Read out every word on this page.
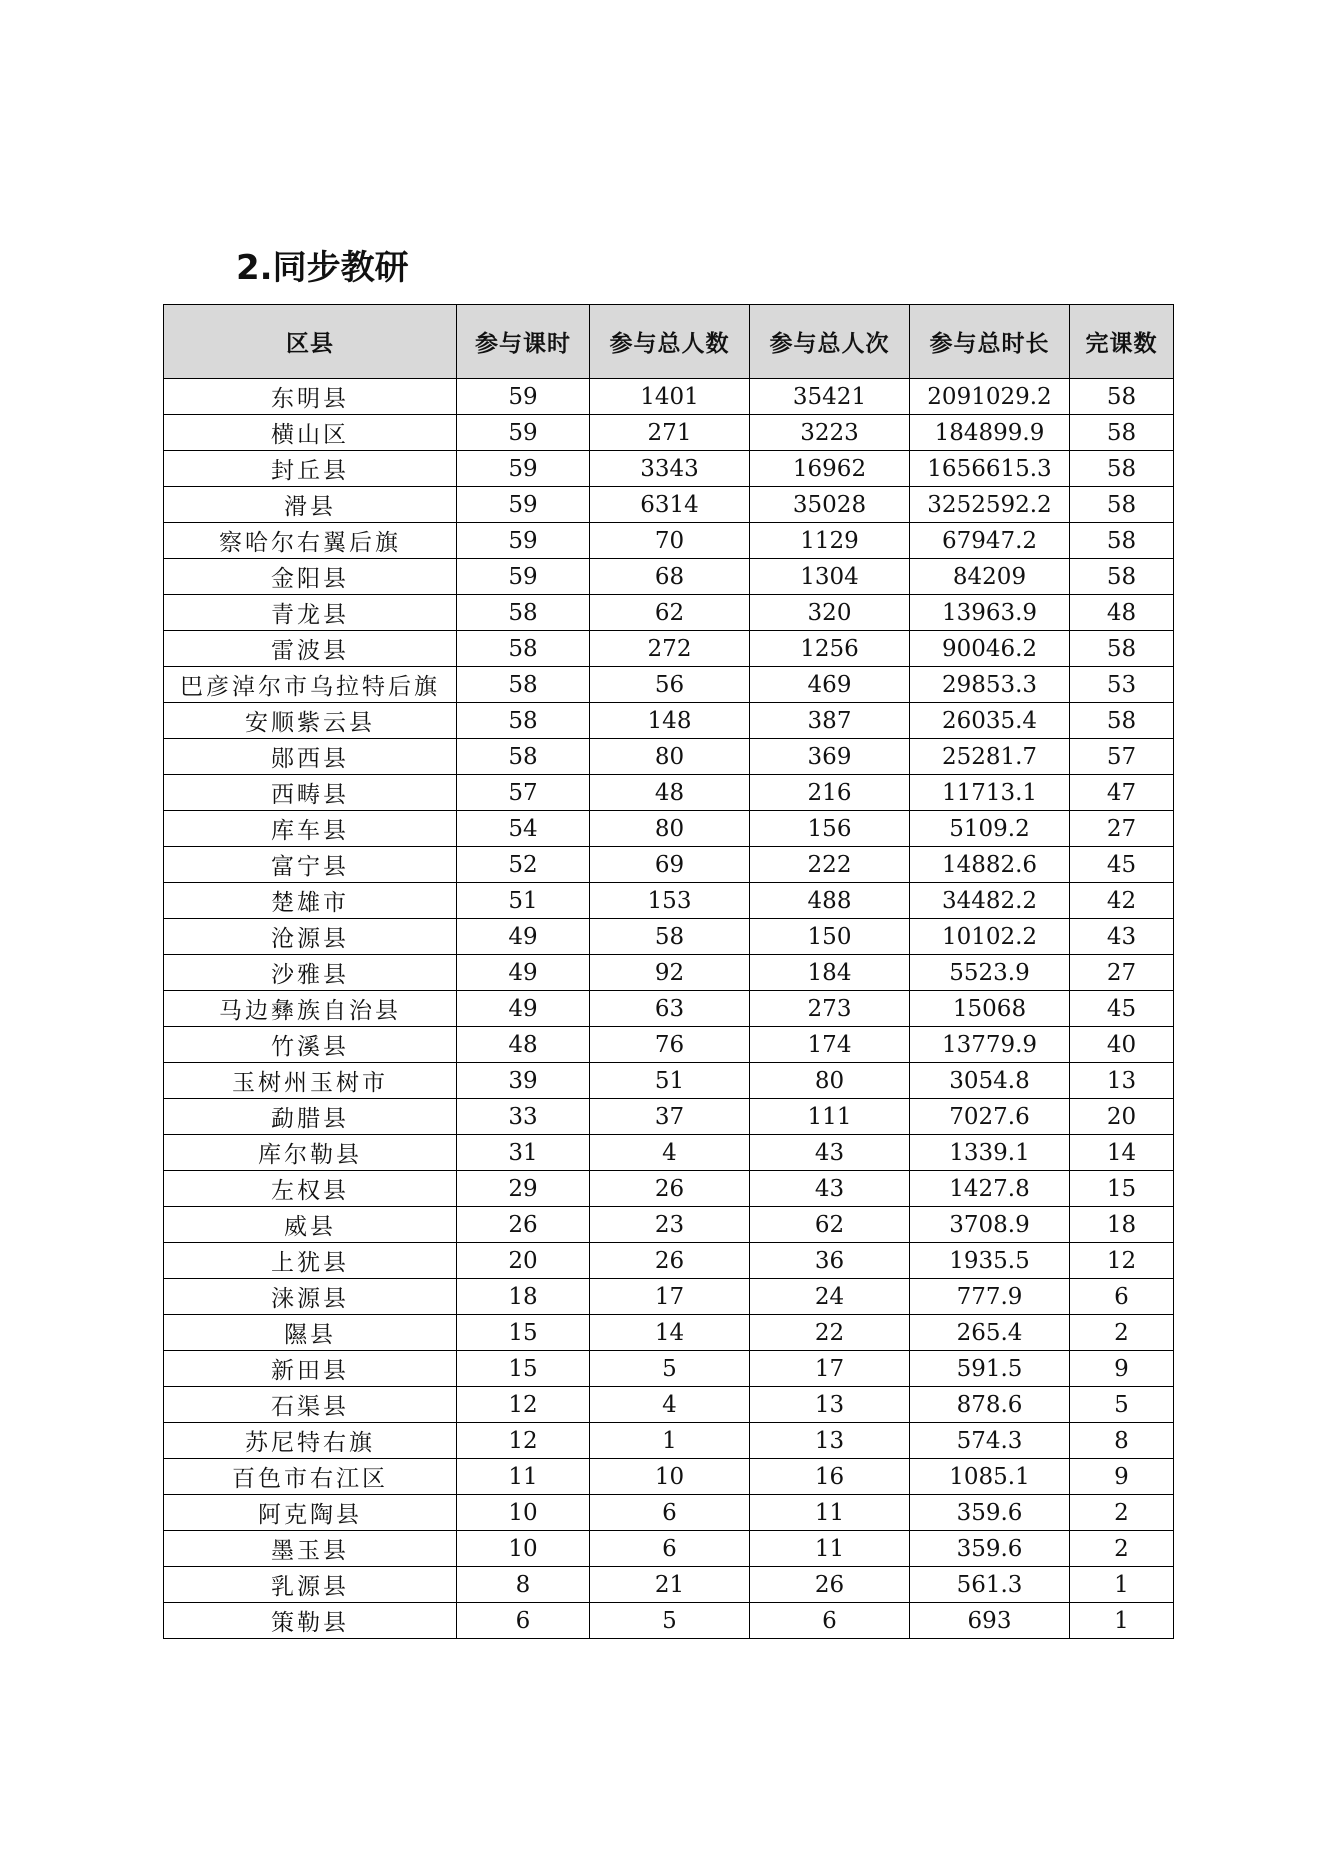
2.同步教研
区县	参与课时	参与总人数	参与总人次	参与总时长	完课数
东明县	59	1401	35421	2091029.2	58
横山区	59	271	3223	184899.9	58
封丘县	59	3343	16962	1656615.3	58
滑县	59	6314	35028	3252592.2	58
察哈尔右翼后旗	59	70	1129	67947.2	58
金阳县	59	68	1304	84209	58
青龙县	58	62	320	13963.9	48
雷波县	58	272	1256	90046.2	58
巴彦淖尔市乌拉特后旗	58	56	469	29853.3	53
安顺紫云县	58	148	387	26035.4	58
郧西县	58	80	369	25281.7	57
西畴县	57	48	216	11713.1	47
库车县	54	80	156	5109.2	27
富宁县	52	69	222	14882.6	45
楚雄市	51	153	488	34482.2	42
沧源县	49	58	150	10102.2	43
沙雅县	49	92	184	5523.9	27
马边彝族自治县	49	63	273	15068	45
竹溪县	48	76	174	13779.9	40
玉树州玉树市	39	51	80	3054.8	13
勐腊县	33	37	111	7027.6	20
库尔勒县	31	4	43	1339.1	14
左权县	29	26	43	1427.8	15
威县	26	23	62	3708.9	18
上犹县	20	26	36	1935.5	12
涞源县	18	17	24	777.9	6
隰县	15	14	22	265.4	2
新田县	15	5	17	591.5	9
石渠县	12	4	13	878.6	5
苏尼特右旗	12	1	13	574.3	8
百色市右江区	11	10	16	1085.1	9
阿克陶县	10	6	11	359.6	2
墨玉县	10	6	11	359.6	2
乳源县	8	21	26	561.3	1
策勒县	6	5	6	693	1
